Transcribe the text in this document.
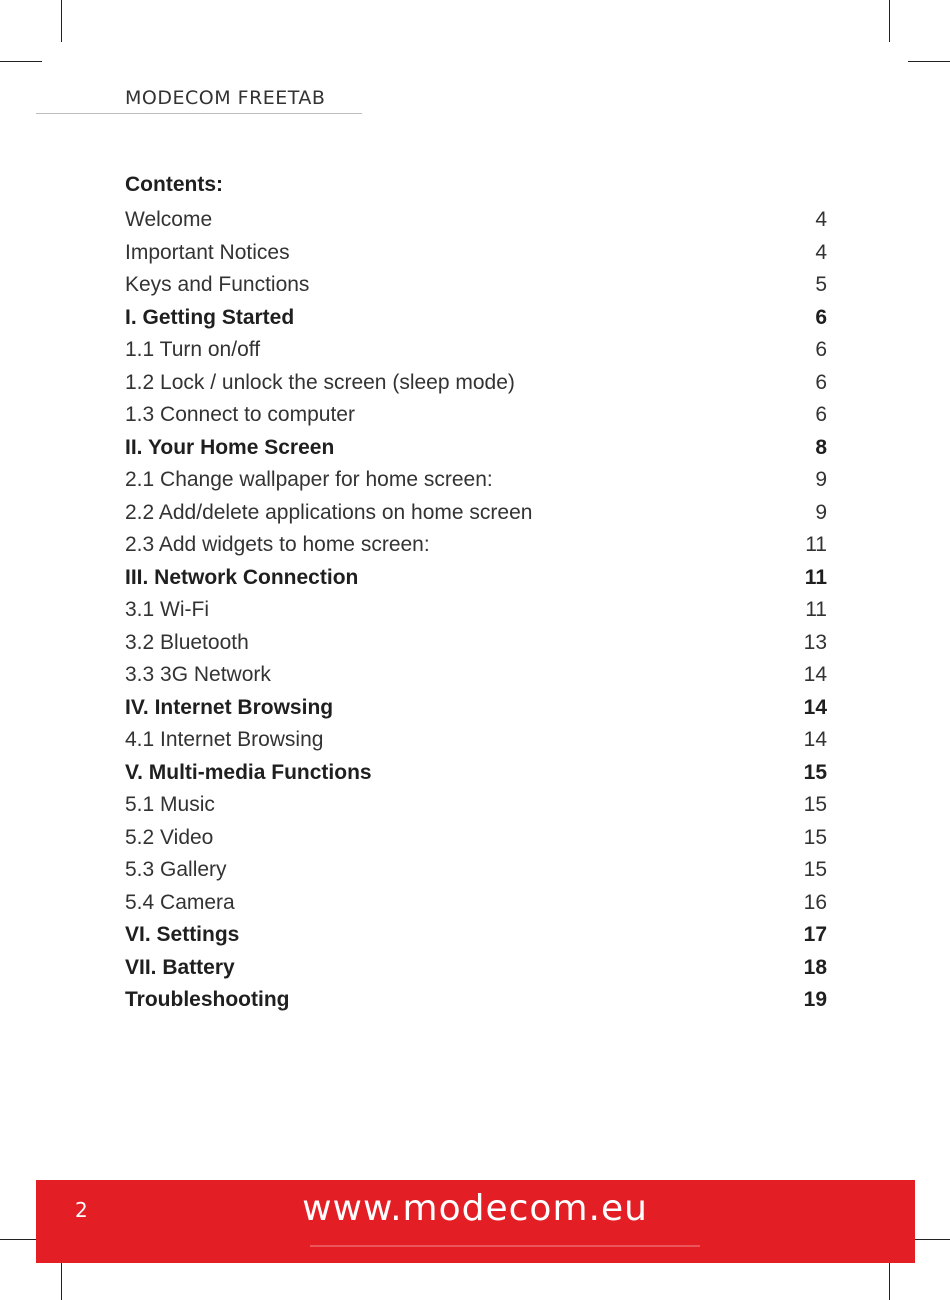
MODECOM FREETAB
Contents:
Welcome	4
Important Notices	4
Keys and Functions	5
I. Getting Started	6
1.1 Turn on/off	6
1.2 Lock / unlock the screen (sleep mode)	6
1.3 Connect to computer	6
II. Your Home Screen	8
2.1 Change wallpaper for home screen:	9
2.2 Add/delete applications on home screen	9
2.3 Add widgets to home screen:	11
III. Network Connection	11
3.1 Wi-Fi	11
3.2 Bluetooth	13
3.3 3G Network	14
IV. Internet Browsing	14
4.1 Internet Browsing	14
V. Multi-media Functions	15
5.1 Music	15
5.2 Video	15
5.3 Gallery	15
5.4 Camera	16
VI. Settings	17
VII. Battery	18
Troubleshooting	19
2	www.modecom.eu
